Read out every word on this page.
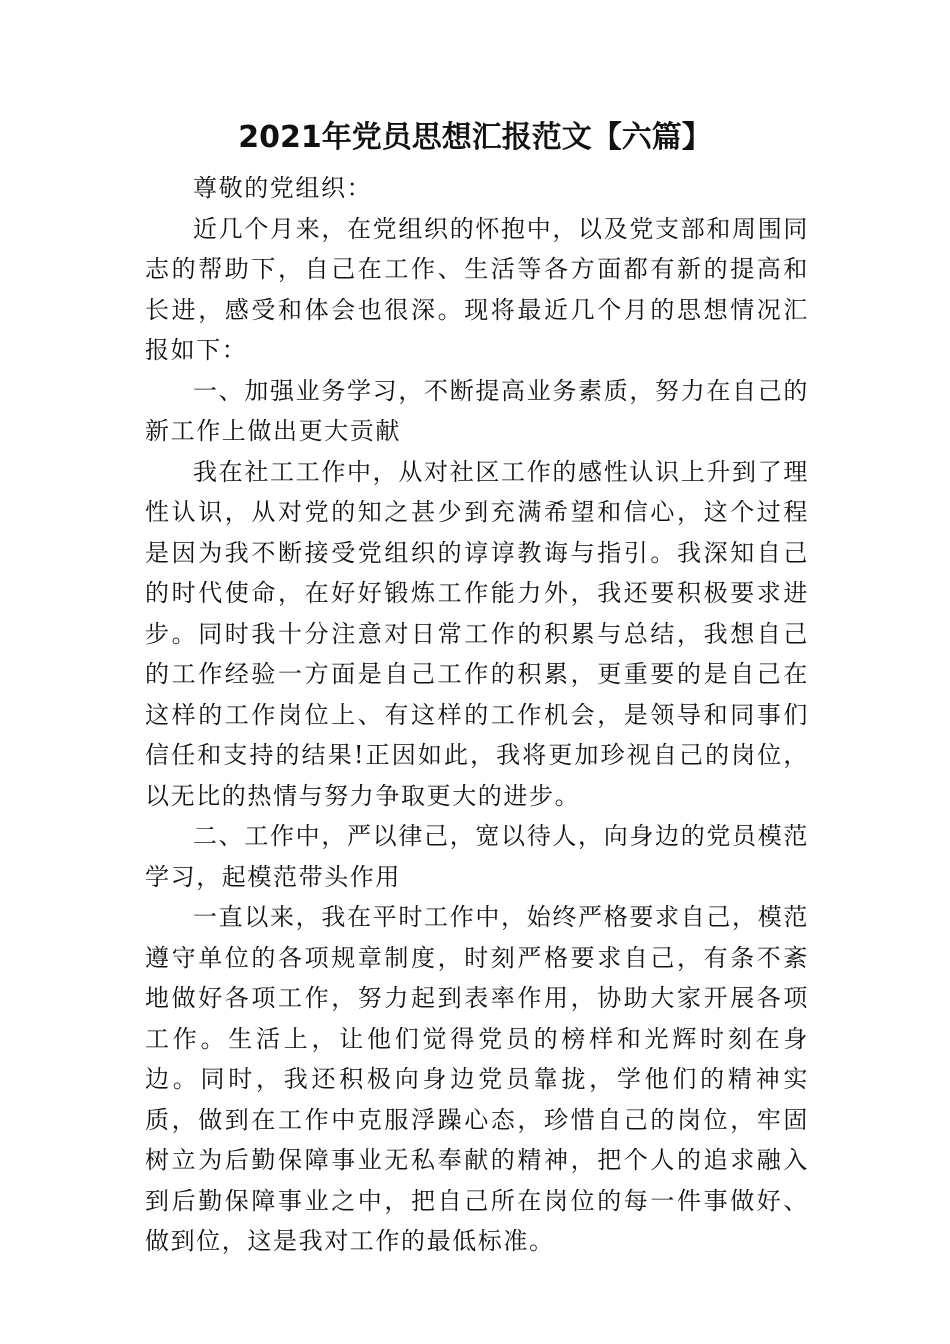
2021年党员思想汇报范文【六篇】

尊敬的党组织：

近几个月来，在党组织的怀抱中，以及党支部和周围同志的帮助下，自己在工作、生活等各方面都有新的提高和长进，感受和体会也很深。现将最近几个月的思想情况汇报如下：

一、加强业务学习，不断提高业务素质，努力在自己的新工作上做出更大贡献

我在社工工作中，从对社区工作的感性认识上升到了理性认识，从对党的知之甚少到充满希望和信心，这个过程是因为我不断接受党组织的谆谆教诲与指引。我深知自己的时代使命，在好好锻炼工作能力外，我还要积极要求进步。同时我十分注意对日常工作的积累与总结，我想自己的工作经验一方面是自己工作的积累，更重要的是自己在这样的工作岗位上、有这样的工作机会，是领导和同事们信任和支持的结果!正因如此，我将更加珍视自己的岗位，以无比的热情与努力争取更大的进步。

二、工作中，严以律己，宽以待人，向身边的党员模范学习，起模范带头作用

一直以来，我在平时工作中，始终严格要求自己，模范遵守单位的各项规章制度，时刻严格要求自己，有条不紊地做好各项工作，努力起到表率作用，协助大家开展各项工作。生活上，让他们觉得党员的榜样和光辉时刻在身边。同时，我还积极向身边党员靠拢，学他们的精神实质，做到在工作中克服浮躁心态，珍惜自己的岗位，牢固树立为后勤保障事业无私奉献的精神，把个人的追求融入到后勤保障事业之中，把自己所在岗位的每一件事做好、做到位，这是我对工作的最低标准。
